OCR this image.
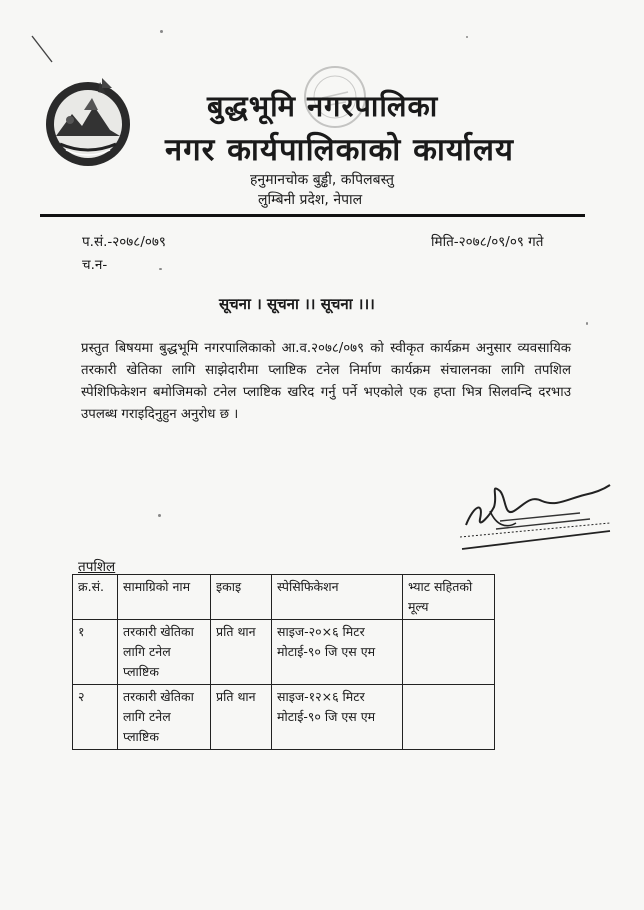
बुद्धभूमि नगरपालिका
नगर कार्यपालिकाको कार्यालय
हनुमानचोक बुड्ढी, कपिलबस्तु
लुम्बिनी प्रदेश, नेपाल
प.सं.-२०७८/०७९
च.न-
मिति-२०७८/०९/०९ गते
सूचना । सूचना ।। सूचना ।।।
प्रस्तुत बिषयमा बुद्धभूमि नगरपालिकाको आ.व.२०७८/०७९ को स्वीकृत कार्यक्रम अनुसार व्यवसायिक तरकारी खेतिका लागि साझेदारीमा प्लाष्टिक टनेल निर्माण कार्यक्रम संचालनका लागि तपशिल स्पेशिफिकेशन बमोजिमको टनेल प्लाष्टिक खरिद गर्नु पर्ने भएकोले एक हप्ता भित्र सिलवन्दि दरभाउ उपलब्ध गराइदिनुहुन अनुरोध छ ।
तपशिल
क्र.सं.	सामाग्रिको नाम	इकाइ	स्पेसिफिकेशन	भ्याट सहितको मूल्य
१	तरकारी खेतिका लागि टनेल प्लाष्टिक	प्रति थान	साइज-२०×६ मिटर मोटाई-९० जि एस एम	
२	तरकारी खेतिका लागि टनेल प्लाष्टिक	प्रति थान	साइज-१२×६ मिटर मोटाई-९० जि एस एम	
